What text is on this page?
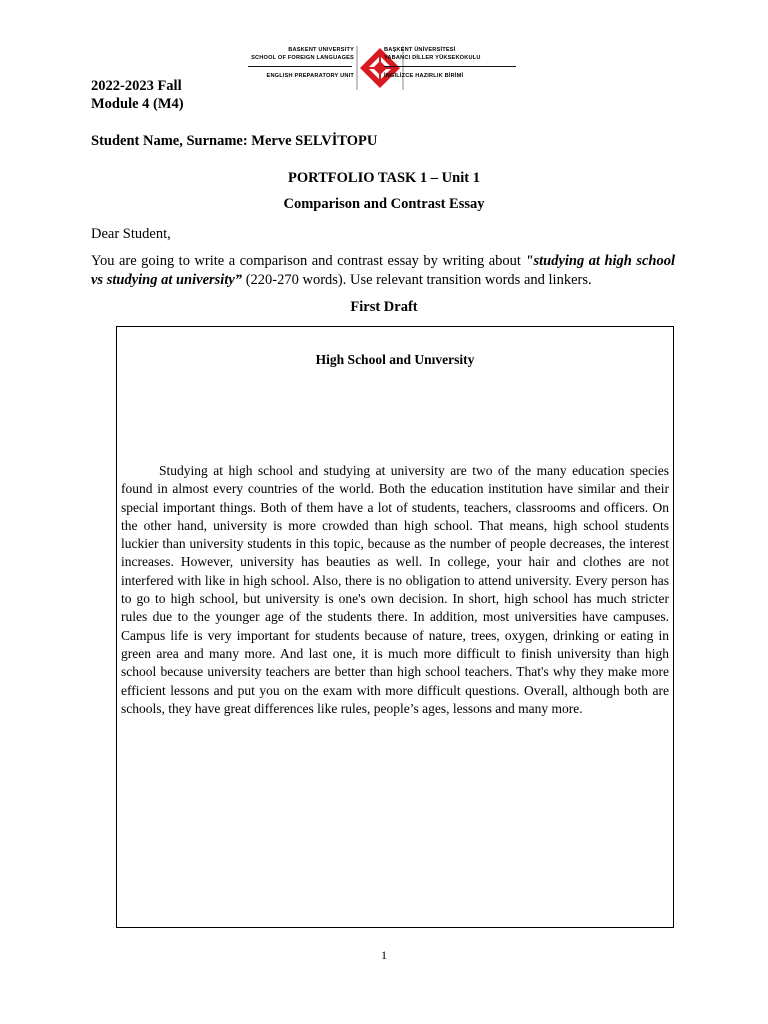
BASKENT UNIVERSITY
SCHOOL OF FOREIGN LANGUAGES
ENGLISH PREPARATORY UNIT
BAŞKENT ÜNİVERSİTESİ
YABANCI DİLLER YÜKSEKOKULU
İNGİLİZCE HAZIRLIK BİRİMİ
2022-2023 Fall
Module 4 (M4)
Student Name, Surname: Merve SELVİTOPU
PORTFOLIO TASK 1 – Unit 1
Comparison and Contrast Essay
Dear Student,
You are going to write a comparison and contrast essay by writing about "studying at high school vs studying at university” (220-270 words). Use relevant transition words and linkers.
First Draft
High School and Unıversity
Studying at high school and studying at university are two of the many education species found in almost every countries of the world. Both the education institution have similar and their special important things. Both of them have a lot of students, teachers, classrooms and officers. On the other hand, university is more crowded than high school. That means, high school students luckier than university students in this topic, because as the number of people decreases, the interest increases. However, university has beauties as well. In college, your hair and clothes are not interfered with like in high school. Also, there is no obligation to attend university. Every person has to go to high school, but university is one's own decision. In short, high school has much stricter rules due to the younger age of the students there. In addition, most universities have campuses. Campus life is very important for students because of nature, trees, oxygen, drinking or eating in green area and many more. And last one, it is much more difficult to finish university than high school because university teachers are better than high school teachers. That's why they make more efficient lessons and put you on the exam with more difficult questions. Overall, although both are schools, they have great differences like rules, people’s ages, lessons and many more.
1
